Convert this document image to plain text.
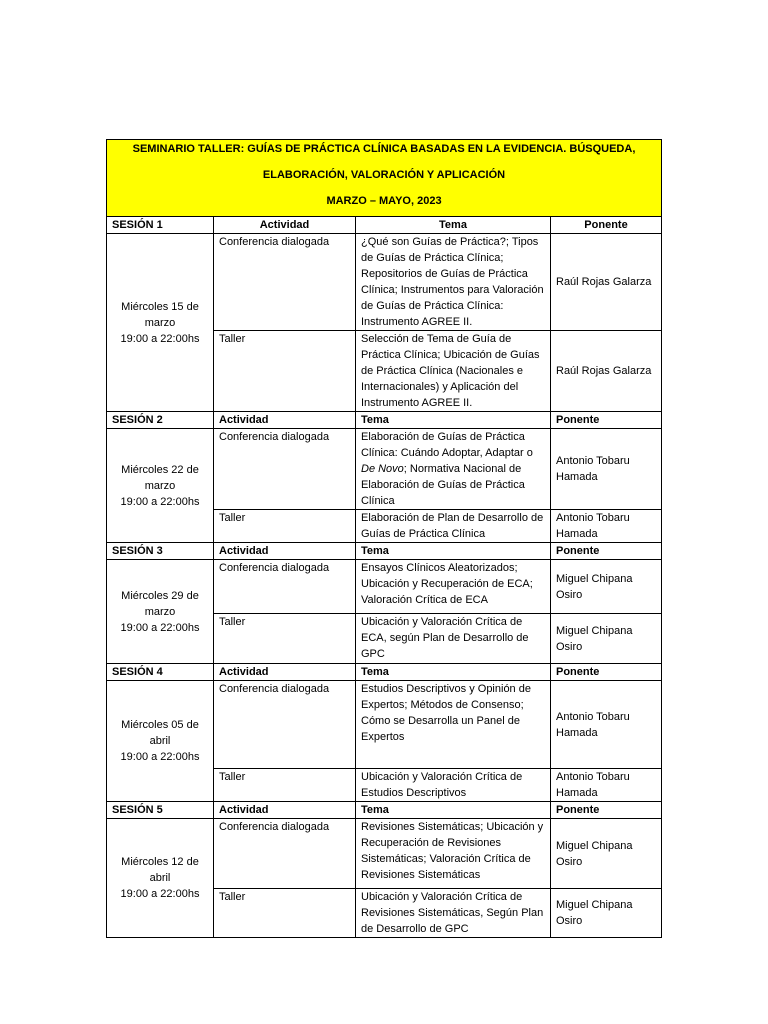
SEMINARIO TALLER: GUÍAS DE PRÁCTICA CLÍNICA BASADAS EN LA EVIDENCIA. BÚSQUEDA,
ELABORACIÓN, VALORACIÓN Y APLICACIÓN
MARZO – MAYO, 2023			

SESIÓN 1	Actividad	Tema	Ponente

Miércoles 15 de
marzo
19:00 a 22:00hs	Conferencia dialogada	¿Qué son Guías de Práctica?; Tipos de Guías de Práctica Clínica; Repositorios de Guías de Práctica Clínica; Instrumentos para Valoración de Guías de Práctica Clínica: Instrumento AGREE II.	Raúl Rojas Galarza
	Taller	Selección de Tema de Guía de Práctica Clínica; Ubicación de Guías de Práctica Clínica (Nacionales e Internacionales) y Aplicación del Instrumento AGREE II.	Raúl Rojas Galarza
SESIÓN 2	Actividad	Tema	Ponente

Miércoles 22 de
marzo
19:00 a 22:00hs	Conferencia dialogada	Elaboración de Guías de Práctica Clínica: Cuándo Adoptar, Adaptar o De Novo; Normativa Nacional de Elaboración de Guías de Práctica Clínica	Antonio Tobaru Hamada
	Taller	Elaboración de Plan de Desarrollo de Guías de Práctica Clínica	Antonio Tobaru Hamada
SESIÓN 3	Actividad	Tema	Ponente

Miércoles 29 de
marzo
19:00 a 22:00hs	Conferencia dialogada	Ensayos Clínicos Aleatorizados; Ubicación y Recuperación de ECA; Valoración Crítica de ECA	Miguel Chipana Osiro
	Taller	Ubicación y Valoración Crítica de ECA, según Plan de Desarrollo de GPC	Miguel Chipana Osiro
SESIÓN 4	Actividad	Tema	Ponente

Miércoles 05 de
abril
19:00 a 22:00hs	Conferencia dialogada	Estudios Descriptivos y Opinión de Expertos; Métodos de Consenso; Cómo se Desarrolla un Panel de Expertos	Antonio Tobaru Hamada
	Taller	Ubicación y Valoración Crítica de Estudios Descriptivos	Antonio Tobaru Hamada
SESIÓN 5	Actividad	Tema	Ponente

Miércoles 12 de
abril
19:00 a 22:00hs	Conferencia dialogada	Revisiones Sistemáticas; Ubicación y Recuperación de Revisiones Sistemáticas; Valoración Crítica de Revisiones Sistemáticas	Miguel Chipana Osiro
	Taller	Ubicación y Valoración Crítica de Revisiones Sistemáticas, Según Plan de Desarrollo de GPC	Miguel Chipana Osiro
